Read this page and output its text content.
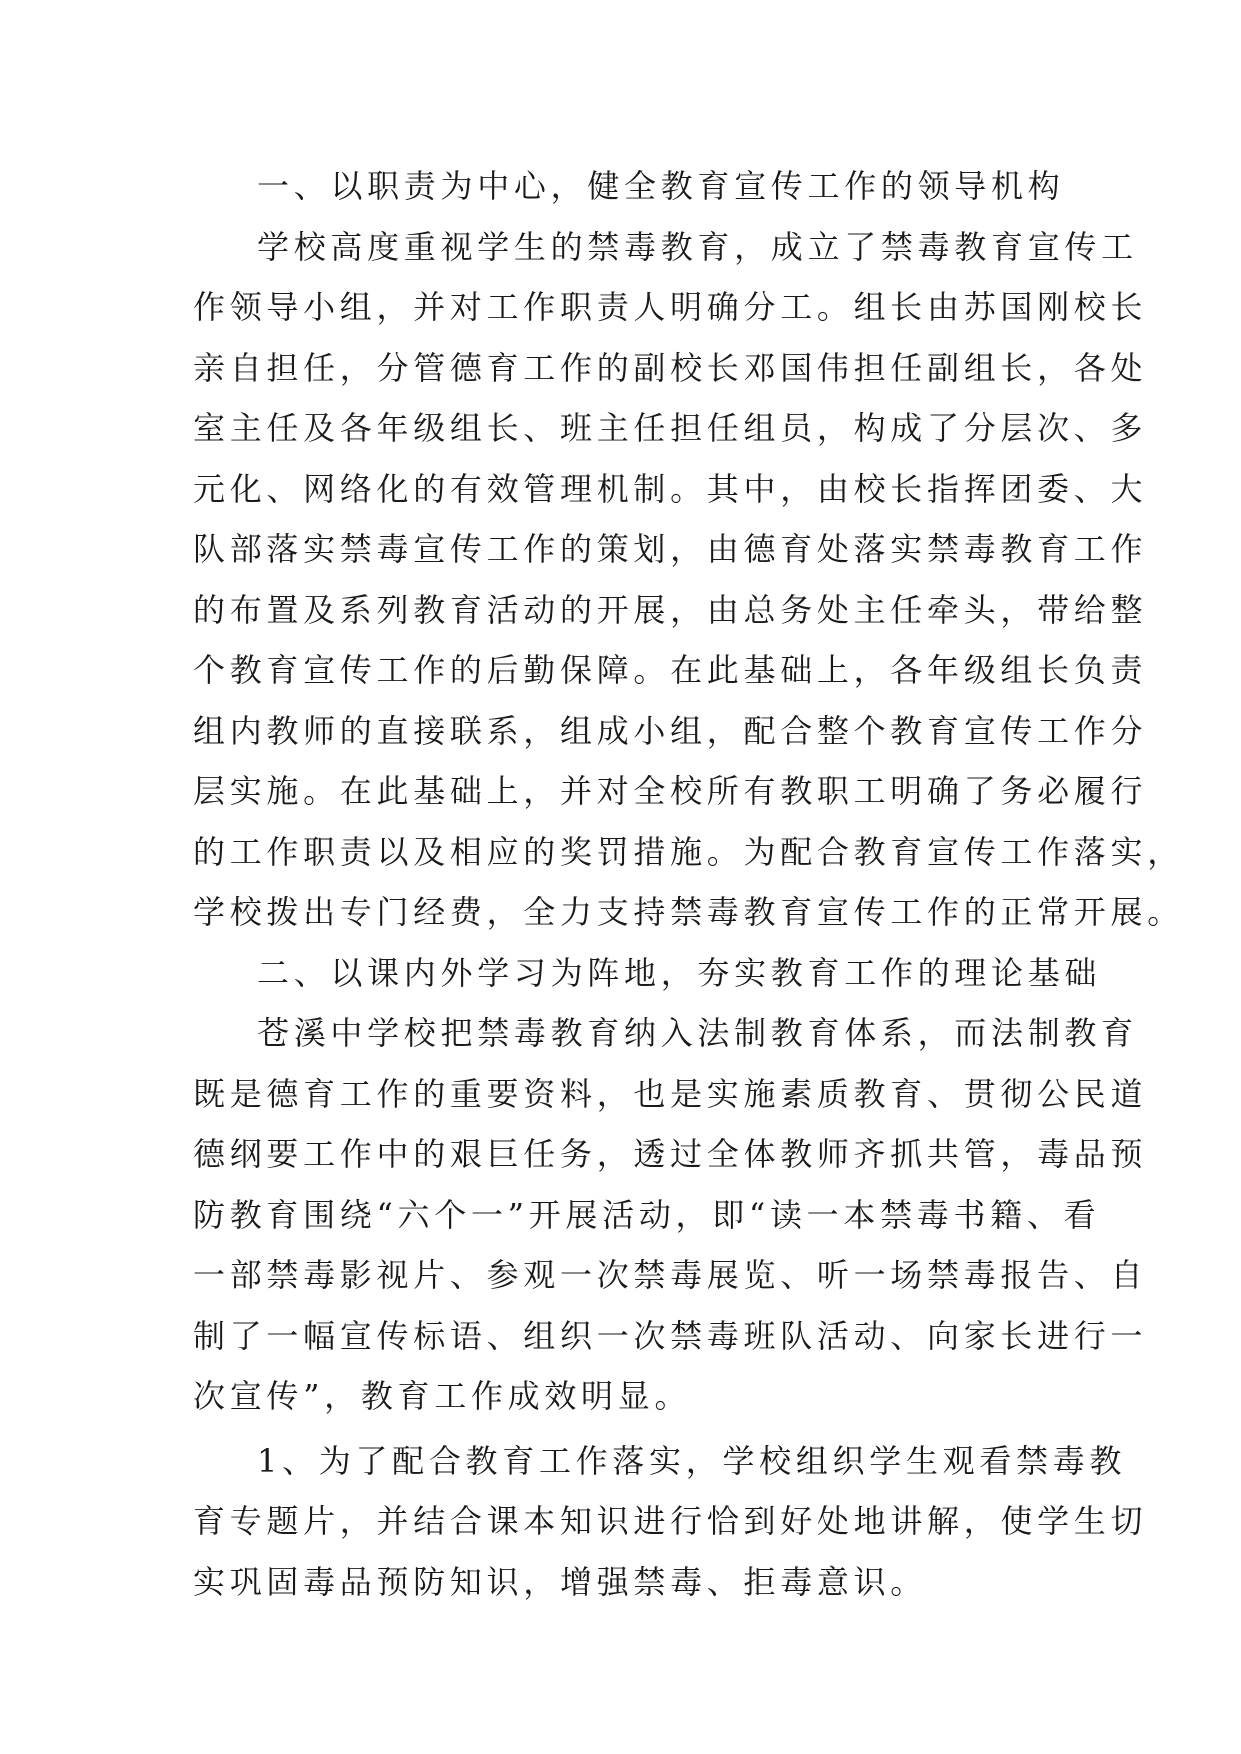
一、以职责为中心，健全教育宣传工作的领导机构
学校高度重视学生的禁毒教育，成立了禁毒教育宣传工
作领导小组，并对工作职责人明确分工。组长由苏国刚校长
亲自担任，分管德育工作的副校长邓国伟担任副组长，各处
室主任及各年级组长、班主任担任组员，构成了分层次、多
元化、网络化的有效管理机制。其中，由校长指挥团委、大
队部落实禁毒宣传工作的策划，由德育处落实禁毒教育工作
的布置及系列教育活动的开展，由总务处主任牵头，带给整
个教育宣传工作的后勤保障。在此基础上，各年级组长负责
组内教师的直接联系，组成小组，配合整个教育宣传工作分
层实施。在此基础上，并对全校所有教职工明确了务必履行
的工作职责以及相应的奖罚措施。为配合教育宣传工作落实，
学校拨出专门经费，全力支持禁毒教育宣传工作的正常开展。
二、以课内外学习为阵地，夯实教育工作的理论基础
苍溪中学校把禁毒教育纳入法制教育体系，而法制教育
既是德育工作的重要资料，也是实施素质教育、贯彻公民道
德纲要工作中的艰巨任务，透过全体教师齐抓共管，毒品预
防教育围绕“六个一”开展活动，即“读一本禁毒书籍、看
一部禁毒影视片、参观一次禁毒展览、听一场禁毒报告、自
制了一幅宣传标语、组织一次禁毒班队活动、向家长进行一
次宣传”，教育工作成效明显。
1、为了配合教育工作落实，学校组织学生观看禁毒教
育专题片，并结合课本知识进行恰到好处地讲解，使学生切
实巩固毒品预防知识，增强禁毒、拒毒意识。
